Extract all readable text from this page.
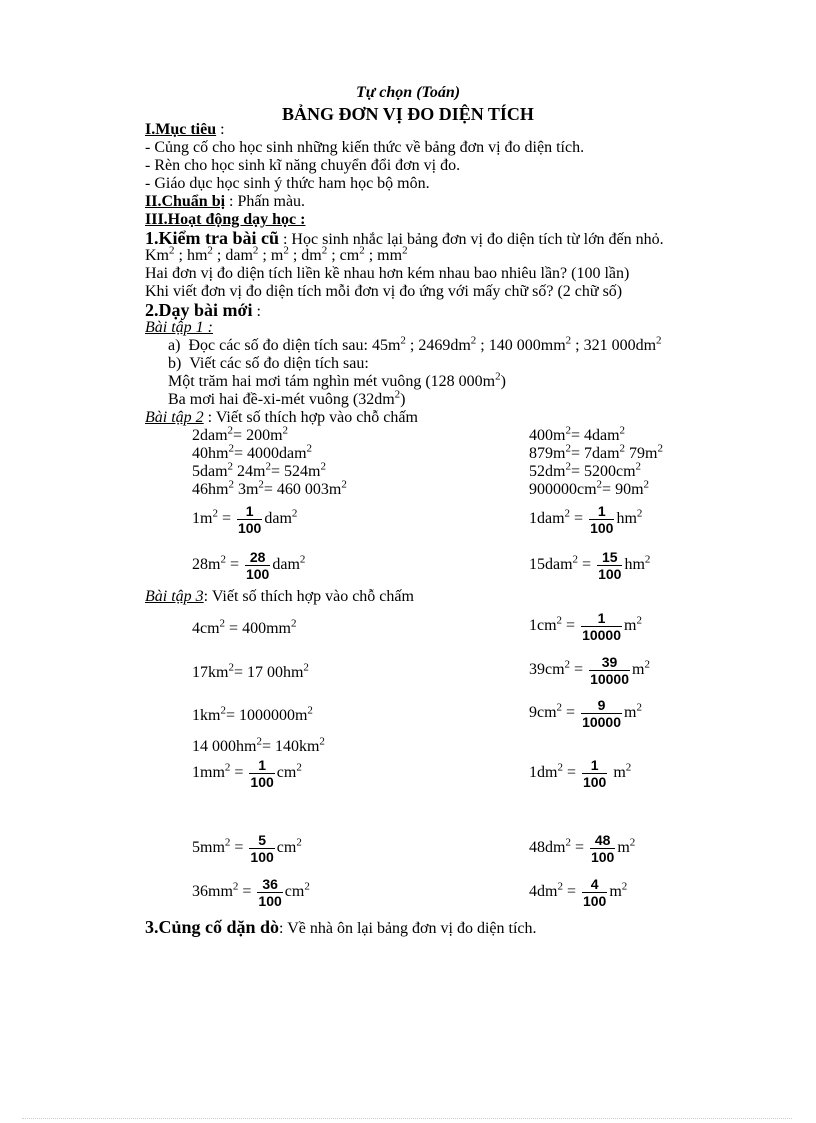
Tự chọn (Toán)
BẢNG ĐƠN VỊ ĐO DIỆN TÍCH
I.Mục tiêu :
- Củng cố cho học sinh những kiến thức về bảng đơn vị đo diện tích.
- Rèn cho học sinh kĩ năng chuyển đổi đơn vị đo.
- Giáo dục học sinh ý thức ham học bộ môn.
II.Chuẩn bị : Phấn màu.
III.Hoạt động dạy học :
1.Kiểm tra bài cũ : Học sinh nhắc lại bảng đơn vị đo diện tích từ lớn đến nhỏ.
Km$^2$ ; $hm^2$ ; dam$^2$ ; $m^2$ ; $dm^2$ ; $cm^2$ ; $mm^2$
Hai đơn vị đo diện tích liền kề nhau hơn kém nhau bao nhiêu lần? (100 lần)
Khi viết đơn vị đo diện tích mỗi đơn vị đo ứng với mấy chữ số? (2 chữ số)
2.Dạy bài mới :
Bài tập 1 :
a) Đọc các số đo diện tích sau: $45m^2$ ; $2469dm^2$ ; 140 $000mm^2$ ; 321 $000dm^2$
b) Viết các số đo diện tích sau:
Một trăm hai mơi tám nghìn mét vuông (128 $000m^2$)
Ba mơi hai đề-xi-mét vuông $(32dm^2)$
Bài tập 2 : Viết số thích hợp vào chỗ chấm
$2dam^2= 200m^2$
$40hm^2= 4000dam^2$
5dam$^2$ $24m^2= 524m^2$
$46hm^2$ $3m^2= 460$ $003m^2$
$400m^2= 4dam^2$
$879m^2= 7dam^2$ $79m^2$
$52dm^2= 5200cm^2$
$900000cm^2= 90m^2$
$1m^2 = \frac{1}{100} dam^2$
$28m^2 = \frac{28}{100} dam^2$
$1dam^2 = \frac{1}{100} hm^2$
$15dam^2 = \frac{15}{100} hm^2$
Bài tập 3: Viết số thích hợp vào chỗ chấm
$4cm^2 = 400mm^2$
$17km^2= 17$ $00hm^2$
$1km^2= 1000000m^2$
14 $000hm^2= 140km^2$
$1mm^2 = \frac{1}{100} cm^2$
$5mm^2 = \frac{5}{100} cm^2$
$36mm^2 = \frac{36}{100} cm^2$
$1cm^2 = \frac{1}{10000} m^2$
$39cm^2 = \frac{39}{10000} m^2$
$9cm^2 = \frac{9}{10000} m^2$
$1dm^2 = \frac{1}{100} m^2$
$48dm^2 = \frac{48}{100} m^2$
$4dm^2 = \frac{4}{100} m^2$
3.Củng cố dặn dò: Về nhà ôn lại bảng đơn vị đo diện tích.
